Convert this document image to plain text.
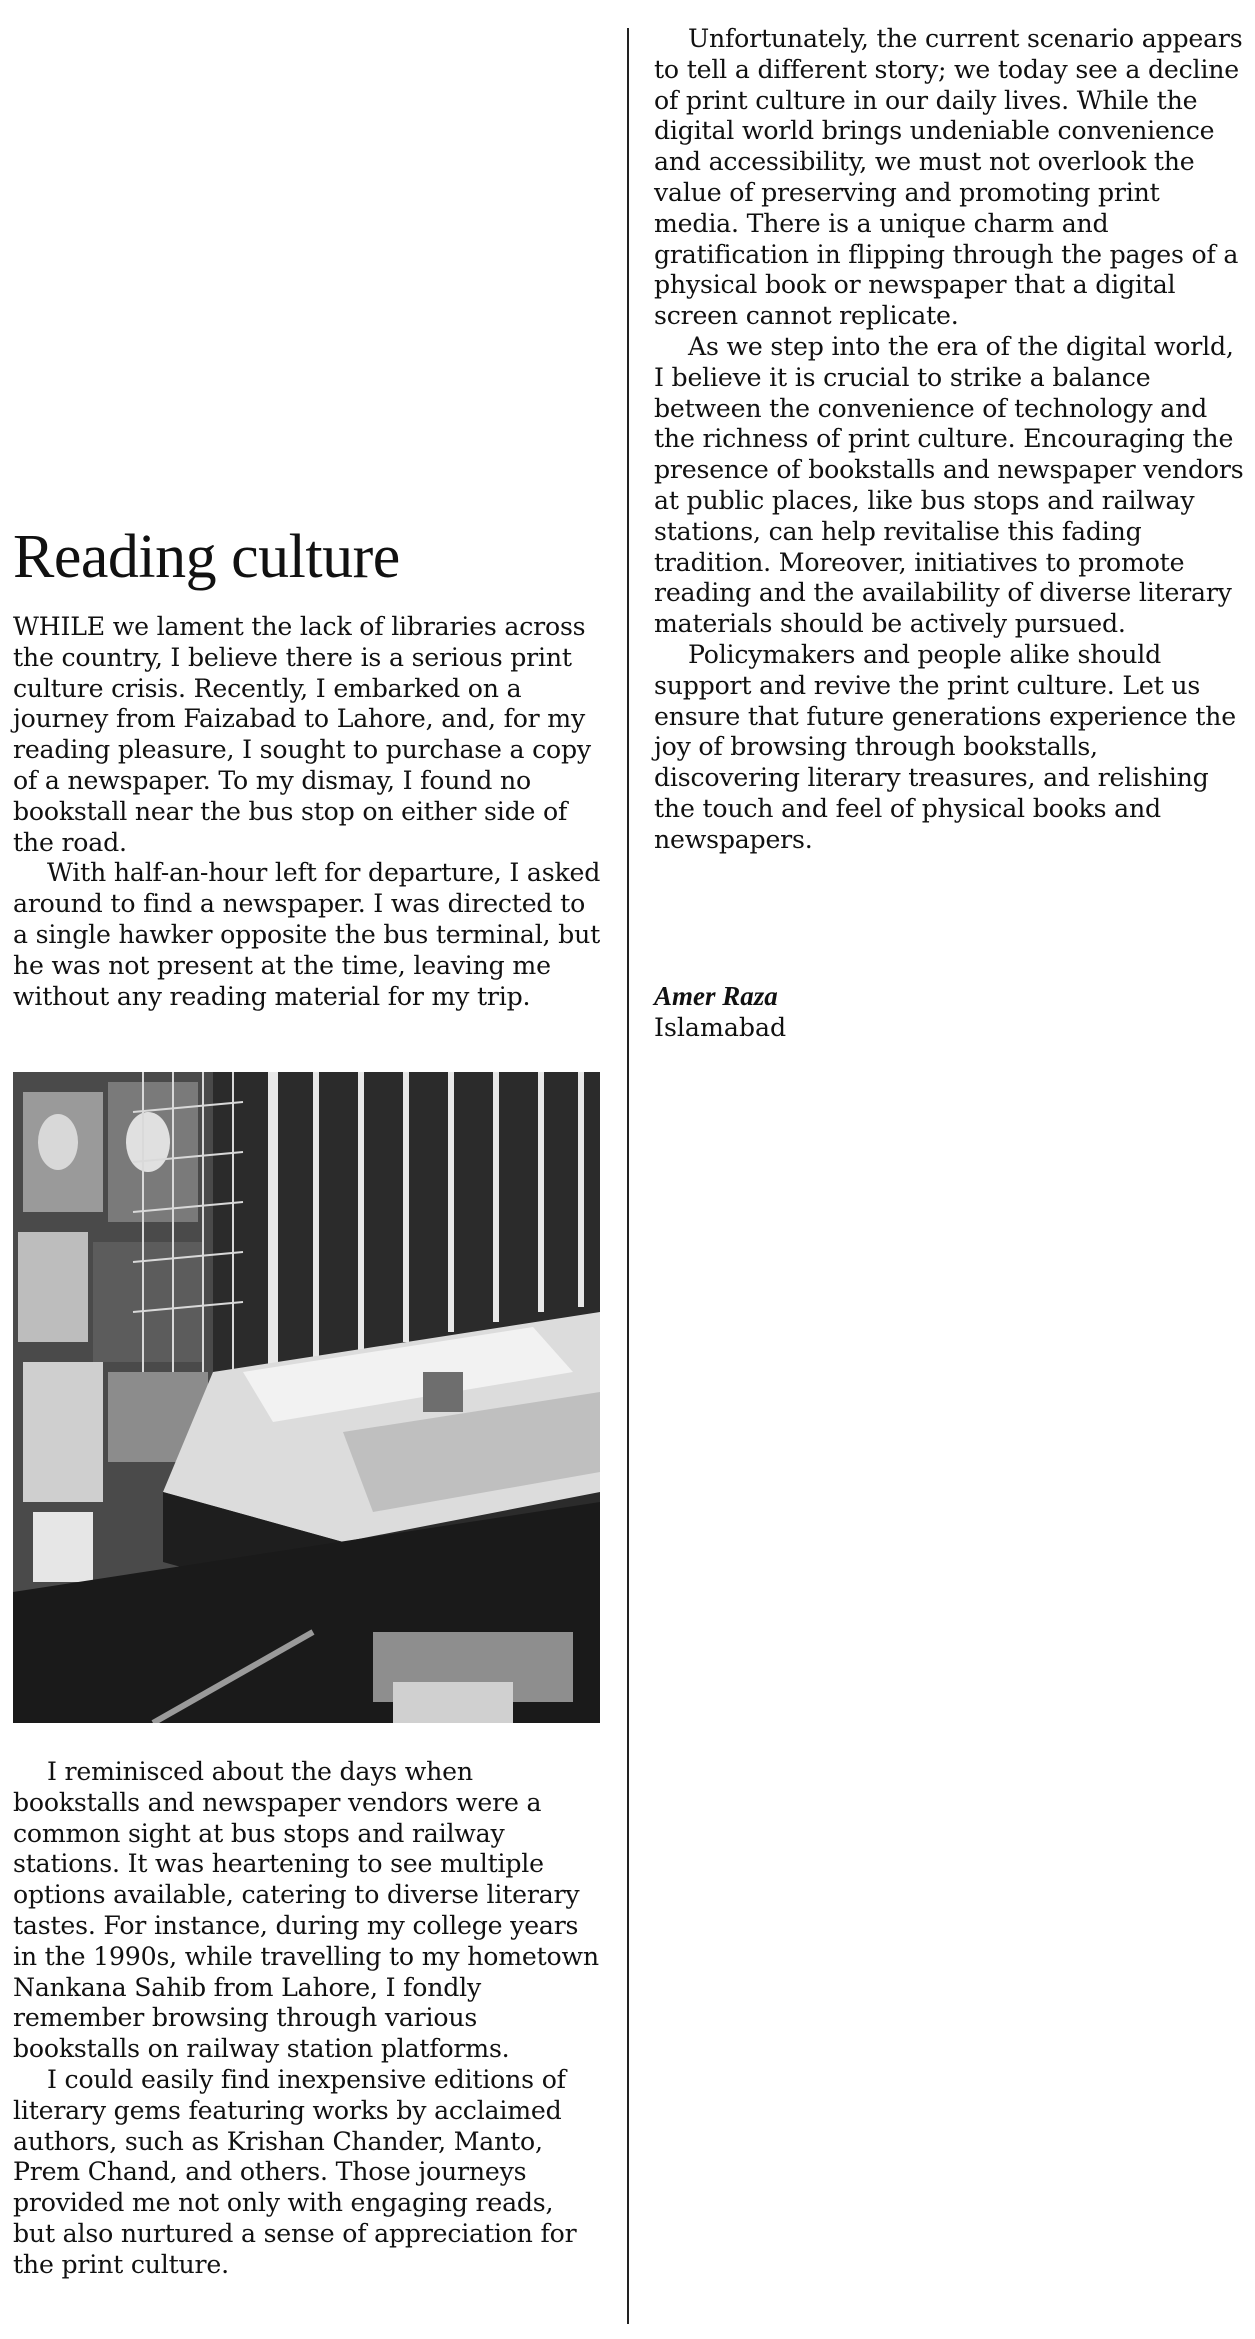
Reading culture

WHILE we lament the lack of libraries across the country, I believe there is a serious print culture crisis. Recently, I embarked on a journey from Faizabad to Lahore, and, for my reading pleasure, I sought to purchase a copy of a newspaper. To my dismay, I found no bookstall near the bus stop on either side of the road.

With half-an-hour left for departure, I asked around to find a newspaper. I was directed to a single hawker opposite the bus terminal, but he was not present at the time, leaving me without any reading material for my trip.

I reminisced about the days when bookstalls and newspaper vendors were a common sight at bus stops and railway stations. It was heartening to see multiple options available, catering to diverse literary tastes. For instance, during my college years in the 1990s, while travelling to my hometown Nankana Sahib from Lahore, I fondly remember browsing through various bookstalls on railway station platforms.

I could easily find inexpensive editions of literary gems featuring works by acclaimed authors, such as Krishan Chander, Manto, Prem Chand, and others. Those journeys provided me not only with engaging reads, but also nurtured a sense of appreciation for the print culture.

Unfortunately, the current scenario appears to tell a different story; we today see a decline of print culture in our daily lives. While the digital world brings undeniable convenience and accessibility, we must not overlook the value of preserving and promoting print media. There is a unique charm and gratification in flipping through the pages of a physical book or newspaper that a digital screen cannot replicate.

As we step into the era of the digital world, I believe it is crucial to strike a balance between the convenience of technology and the richness of print culture. Encouraging the presence of bookstalls and newspaper vendors at public places, like bus stops and railway stations, can help revitalise this fading tradition. Moreover, initiatives to promote reading and the availability of diverse literary materials should be actively pursued.

Policymakers and people alike should support and revive the print culture. Let us ensure that future generations experience the joy of browsing through bookstalls, discovering literary treasures, and relishing the touch and feel of physical books and newspapers.

Amer Raza

Islamabad
